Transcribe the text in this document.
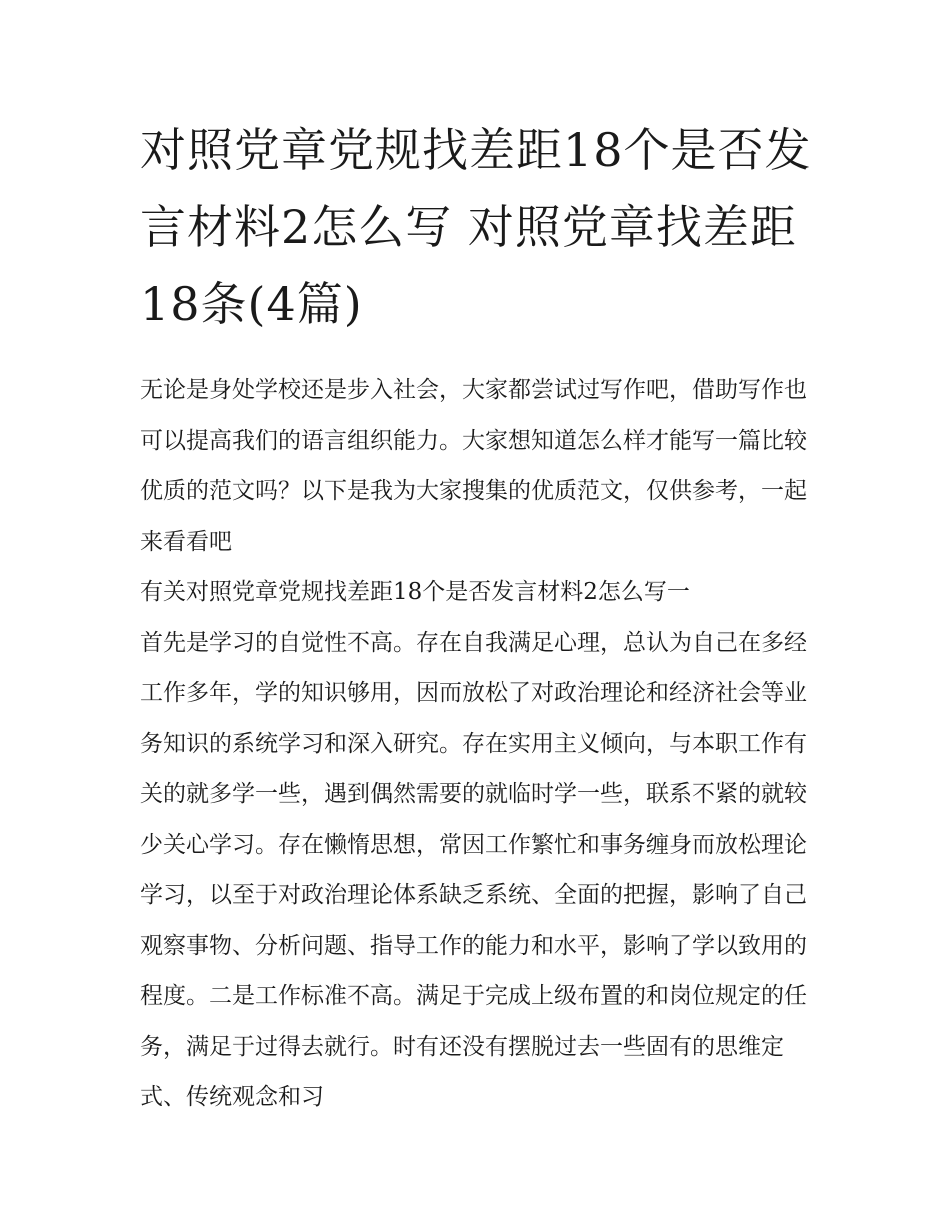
对照党章党规找差距18个是否发言材料2怎么写 对照党章找差距18条(4篇)

无论是身处学校还是步入社会，大家都尝试过写作吧，借助写作也可以提高我们的语言组织能力。大家想知道怎么样才能写一篇比较优质的范文吗？以下是我为大家搜集的优质范文，仅供参考，一起来看看吧

有关对照党章党规找差距18个是否发言材料2怎么写一

首先是学习的自觉性不高。存在自我满足心理，总认为自己在多经工作多年，学的知识够用，因而放松了对政治理论和经济社会等业务知识的系统学习和深入研究。存在实用主义倾向，与本职工作有关的就多学一些，遇到偶然需要的就临时学一些，联系不紧的就较少关心学习。存在懒惰思想，常因工作繁忙和事务缠身而放松理论学习，以至于对政治理论体系缺乏系统、全面的把握，影响了自己观察事物、分析问题、指导工作的能力和水平，影响了学以致用的程度。二是工作标准不高。满足于完成上级布置的和岗位规定的任务，满足于过得去就行。时有还没有摆脱过去一些固有的思维定式、传统观念和习
